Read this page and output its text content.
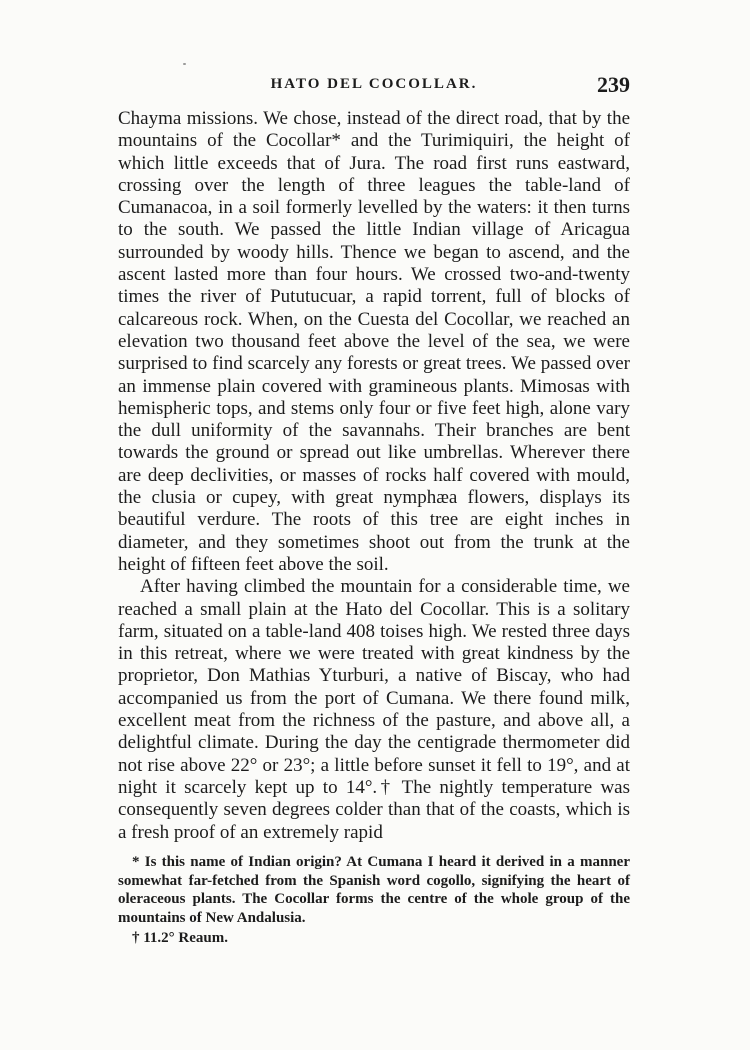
HATO DEL COCOLLAR.	239

Chayma missions. We chose, instead of the direct road, that by the mountains of the Cocollar* and the Turimiquiri, the height of which little exceeds that of Jura. The road first runs eastward, crossing over the length of three leagues the table-land of Cumanacoa, in a soil formerly levelled by the waters: it then turns to the south. We passed the little Indian village of Aricagua surrounded by woody hills. Thence we began to ascend, and the ascent lasted more than four hours. We crossed two-and-twenty times the river of Pututucuar, a rapid torrent, full of blocks of calcareous rock. When, on the Cuesta del Cocollar, we reached an elevation two thousand feet above the level of the sea, we were surprised to find scarcely any forests or great trees. We passed over an immense plain covered with gramineous plants. Mimosas with hemispheric tops, and stems only four or five feet high, alone vary the dull uniformity of the savannahs. Their branches are bent towards the ground or spread out like umbrellas. Wherever there are deep declivities, or masses of rocks half covered with mould, the clusia or cupey, with great nymphæa flowers, displays its beautiful verdure. The roots of this tree are eight inches in diameter, and they sometimes shoot out from the trunk at the height of fifteen feet above the soil.

After having climbed the mountain for a considerable time, we reached a small plain at the Hato del Cocollar. This is a solitary farm, situated on a table-land 408 toises high. We rested three days in this retreat, where we were treated with great kindness by the proprietor, Don Mathias Yturburi, a native of Biscay, who had accompanied us from the port of Cumana. We there found milk, excellent meat from the richness of the pasture, and above all, a delightful climate. During the day the centigrade thermometer did not rise above 22° or 23°; a little before sunset it fell to 19°, and at night it scarcely kept up to 14°.† The nightly temperature was consequently seven degrees colder than that of the coasts, which is a fresh proof of an extremely rapid

* Is this name of Indian origin? At Cumana I heard it derived in a manner somewhat far-fetched from the Spanish word cogollo, signifying the heart of oleraceous plants. The Cocollar forms the centre of the whole group of the mountains of New Andalusia.

† 11.2° Reaum.
